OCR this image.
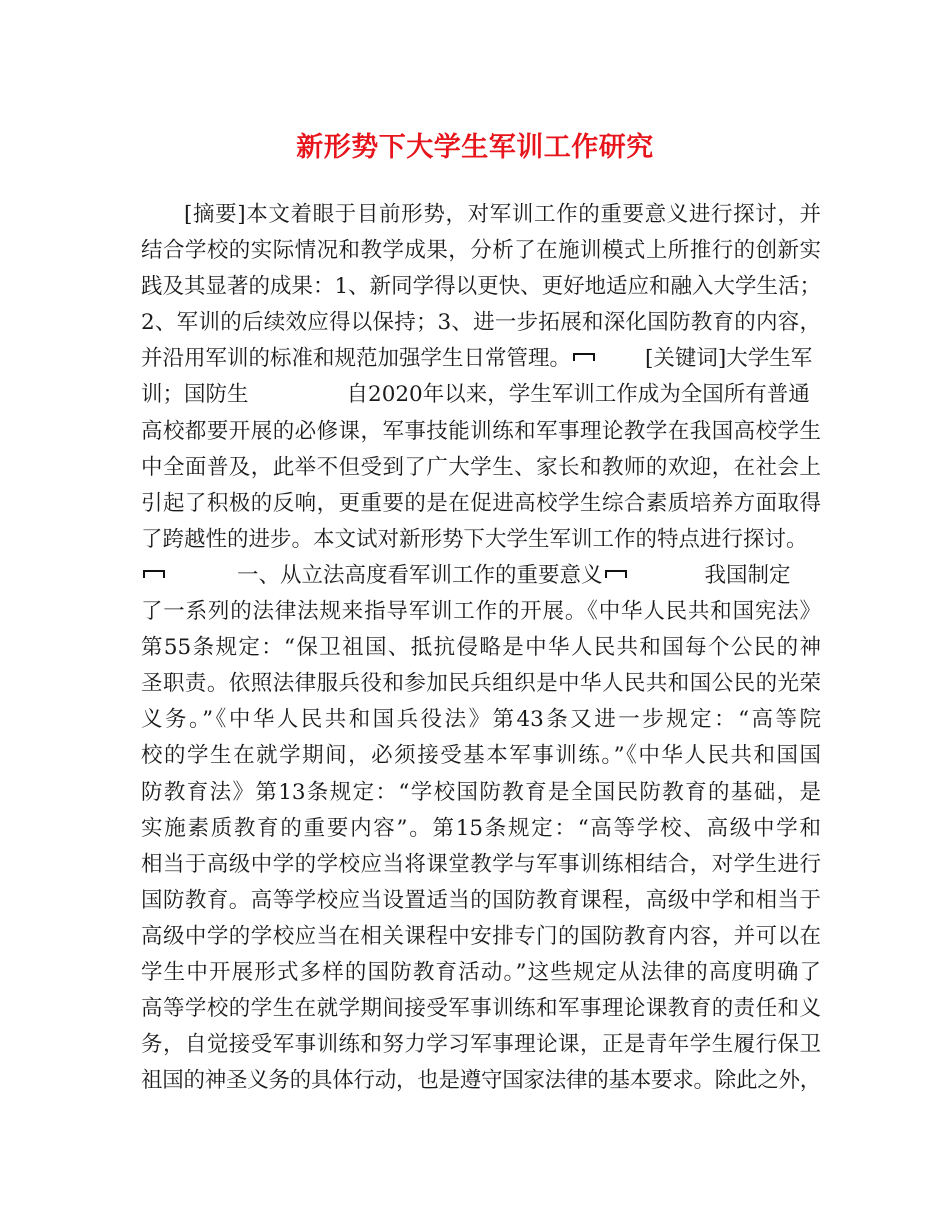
新形势下大学生军训工作研究
[摘要]本文着眼于目前形势，对军训工作的重要意义进行探讨，并
结合学校的实际情况和教学成果，分析了在施训模式上所推行的创新实
践及其显著的成果：1、新同学得以更快、更好地适应和融入大学生活；
2、军训的后续效应得以保持；3、进一步拓展和深化国防教育的内容，
并沿用军训的标准和规范加强学生日常管理。	[关键词]大学生军
训；国防生	自2020年以来，学生军训工作成为全国所有普通
高校都要开展的必修课，军事技能训练和军事理论教学在我国高校学生
中全面普及，此举不但受到了广大学生、家长和教师的欢迎，在社会上
引起了积极的反响，更重要的是在促进高校学生综合素质培养方面取得
了跨越性的进步。本文试对新形势下大学生军训工作的特点进行探讨。
一、从立法高度看军训工作的重要意义	我国制定
了一系列的法律法规来指导军训工作的开展。《中华人民共和国宪法》
第55条规定：“保卫祖国、抵抗侵略是中华人民共和国每个公民的神
圣职责。依照法律服兵役和参加民兵组织是中华人民共和国公民的光荣
义务。”《中华人民共和国兵役法》第43条又进一步规定：“高等院
校的学生在就学期间，必须接受基本军事训练。”《中华人民共和国国
防教育法》第13条规定：“学校国防教育是全国民防教育的基础，是
实施素质教育的重要内容”。第15条规定：“高等学校、高级中学和
相当于高级中学的学校应当将课堂教学与军事训练相结合，对学生进行
国防教育。高等学校应当设置适当的国防教育课程，高级中学和相当于
高级中学的学校应当在相关课程中安排专门的国防教育内容，并可以在
学生中开展形式多样的国防教育活动。”这些规定从法律的高度明确了
高等学校的学生在就学期间接受军事训练和军事理论课教育的责任和义
务，自觉接受军事训练和努力学习军事理论课，正是青年学生履行保卫
祖国的神圣义务的具体行动，也是遵守国家法律的基本要求。除此之外，
